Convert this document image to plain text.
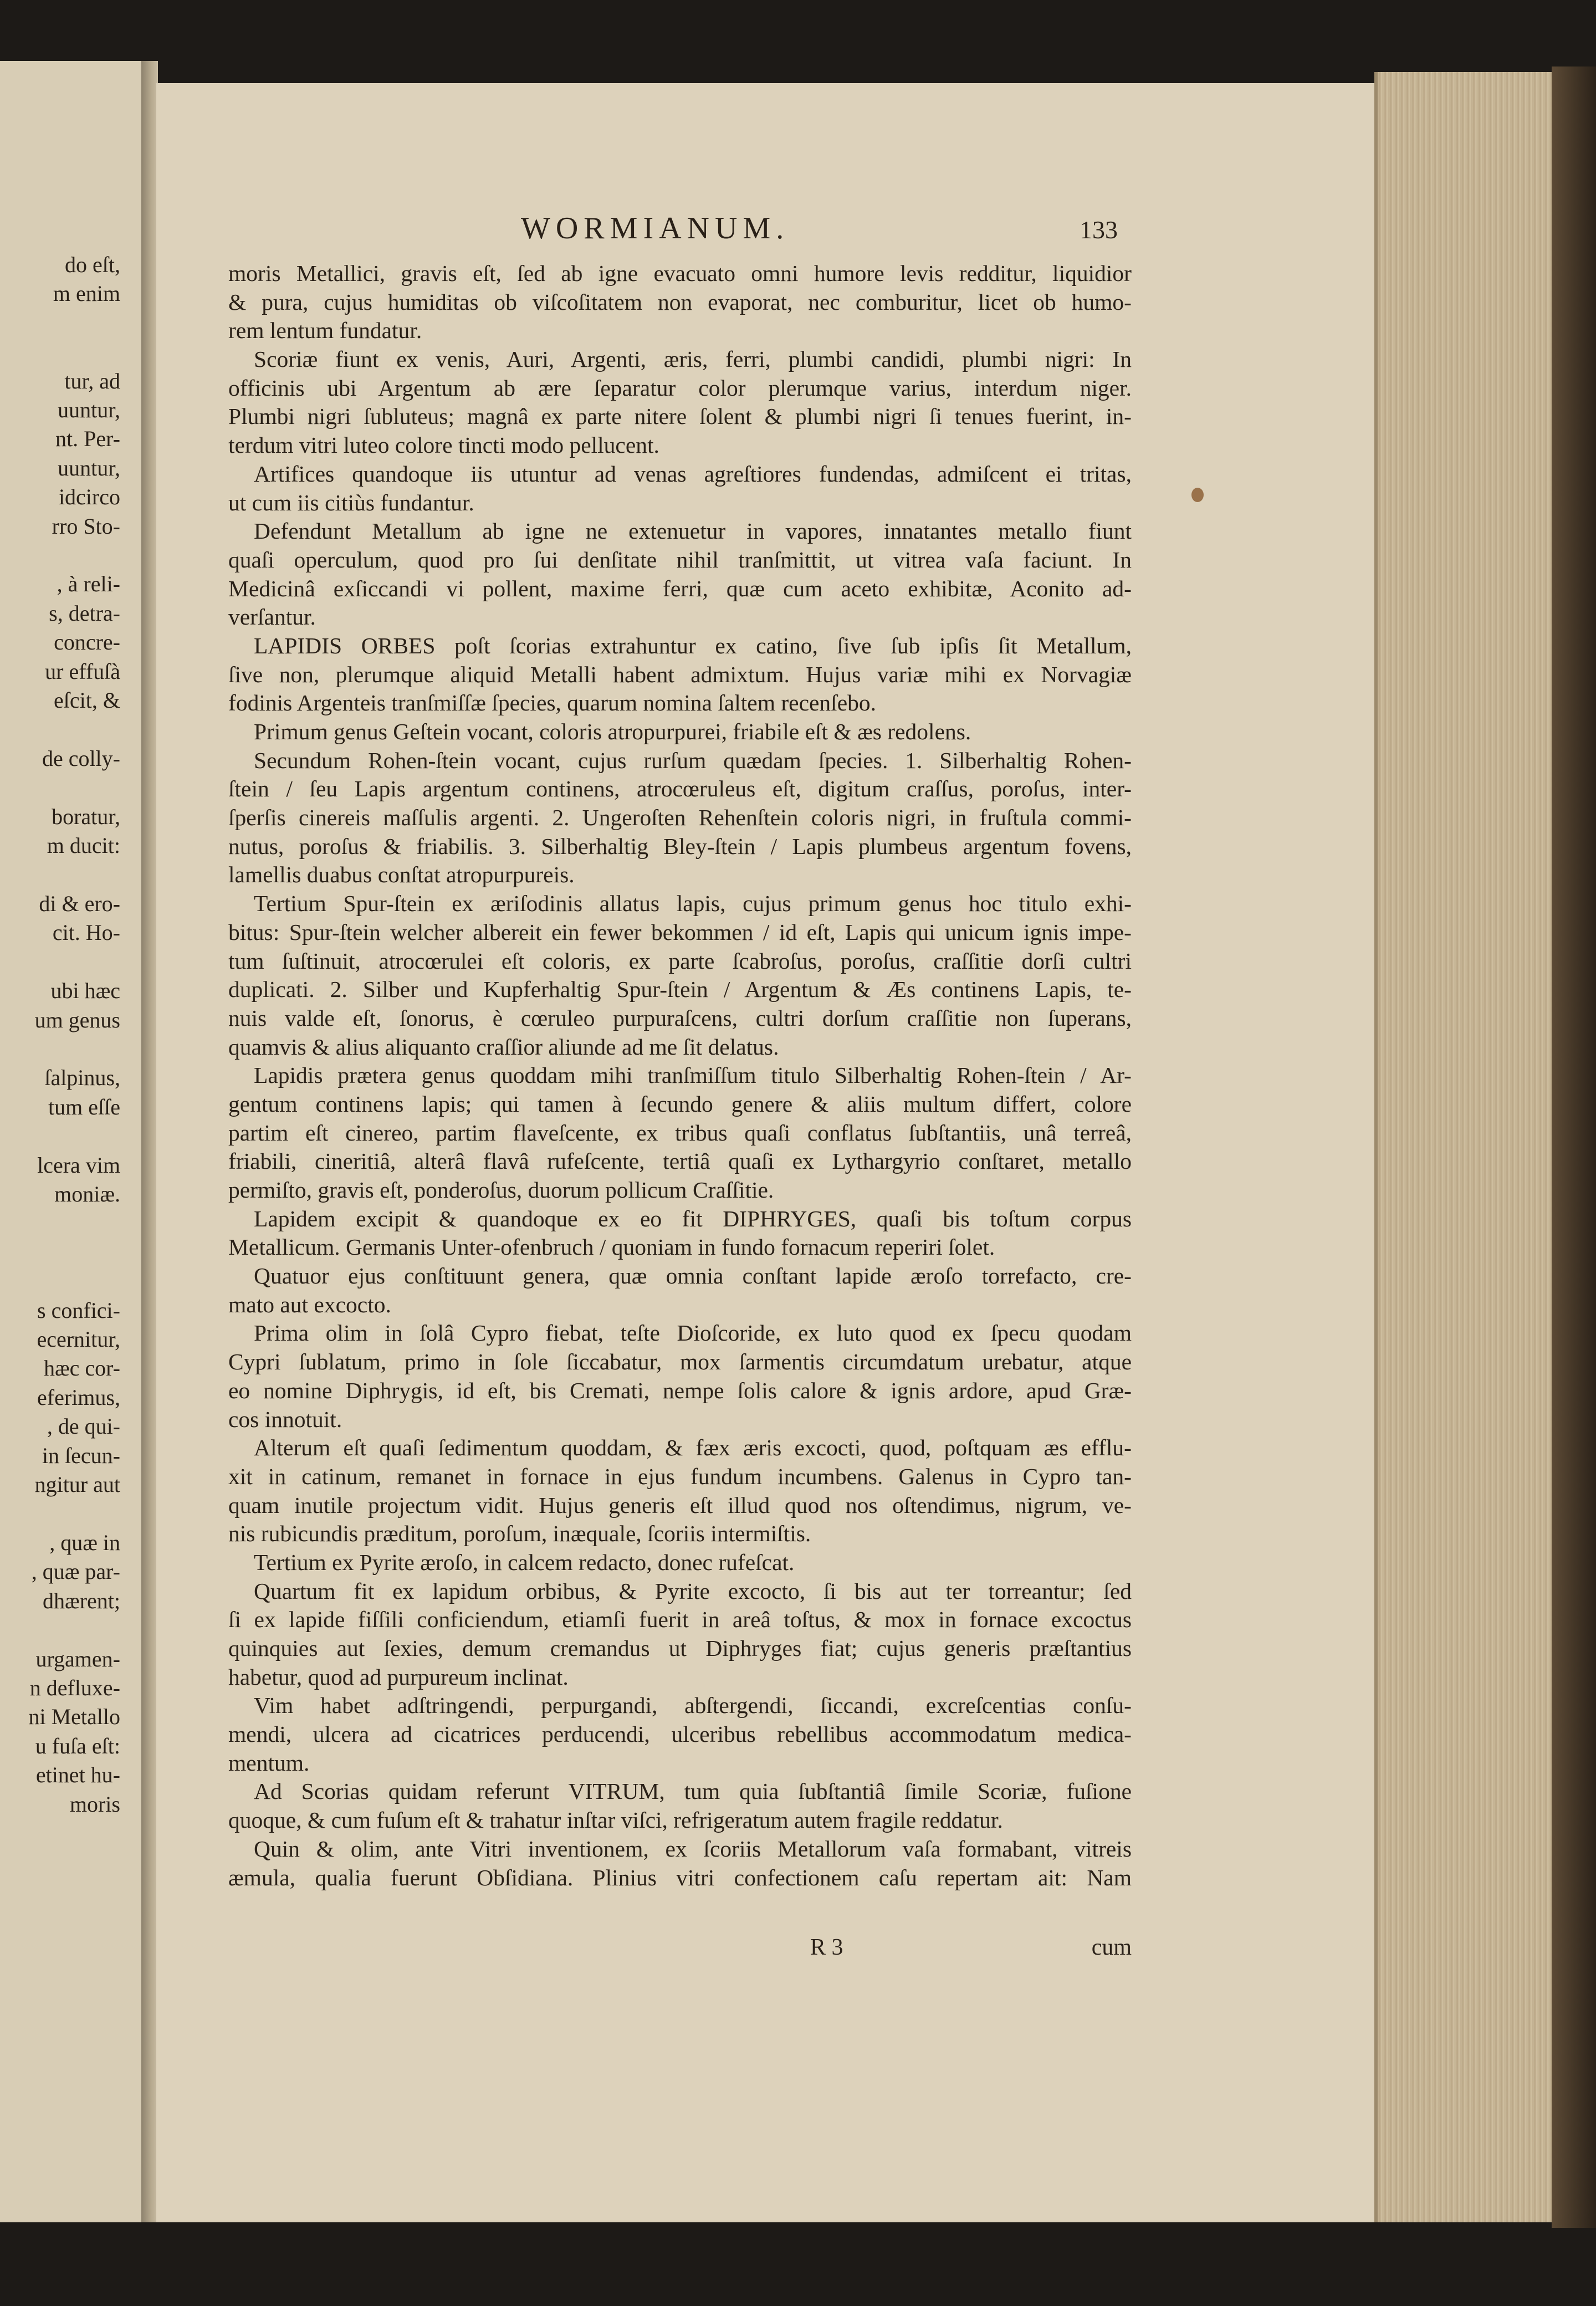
do eſt,
m enim

tur, ad
uuntur,
nt. Per-
uuntur,
idcirco
rro Sto-

, à reli-
s, detra-
concre-
ur effuſà
eſcit, &

de colly-

boratur,
m ducit:

di & ero-
cit. Ho-

ubi hæc
um genus

ſalpinus,
tum eſſe

lcera vim
moniæ.

s confici-
ecernitur,
hæc cor-
eferimus,
, de qui-
in ſecun-
ngitur aut

, quæ in
, quæ par-
dhærent;

urgamen-
n defluxe-
ni Metallo
u fuſa eſt:
etinet hu-
moris
WORMIANUM.	133
moris Metallici, gravis eſt, ſed ab igne evacuato omni humore levis redditur, liquidior
& pura, cujus humiditas ob viſcoſitatem non evaporat, nec comburitur, licet ob humo-
rem lentum fundatur.
Scoriæ fiunt ex venis, Auri, Argenti, æris, ferri, plumbi candidi, plumbi nigri: In
officinis ubi Argentum ab ære ſeparatur color plerumque varius, interdum niger.
Plumbi nigri ſubluteus; magnâ ex parte nitere ſolent & plumbi nigri ſi tenues fuerint, in-
terdum vitri luteo colore tincti modo pellucent.
Artifices quandoque iis utuntur ad venas agreſtiores fundendas, admiſcent ei tritas,
ut cum iis citiùs fundantur.
Defendunt Metallum ab igne ne extenuetur in vapores, innatantes metallo fiunt
quaſi operculum, quod pro ſui denſitate nihil tranſmittit, ut vitrea vaſa faciunt. In
Medicinâ exſiccandi vi pollent, maxime ferri, quæ cum aceto exhibitæ, Aconito ad-
verſantur.
LAPIDIS ORBES poſt ſcorias extrahuntur ex catino, ſive ſub ipſis ſit Metallum,
ſive non, plerumque aliquid Metalli habent admixtum. Hujus variæ mihi ex Norvagiæ
fodinis Argenteis tranſmiſſæ ſpecies, quarum nomina ſaltem recenſebo.
Primum genus Geſtein vocant, coloris atropurpurei, friabile eſt & æs redolens.
Secundum Rohen-ſtein vocant, cujus rurſum quædam ſpecies. 1. Silberhaltig Rohen-
ſtein / ſeu Lapis argentum continens, atrocœruleus eſt, digitum craſſus, poroſus, inter-
ſperſis cinereis maſſulis argenti. 2. Ungeroſten Rehenſtein coloris nigri, in fruſtula commi-
nutus, poroſus & friabilis. 3. Silberhaltig Bley-ſtein / Lapis plumbeus argentum fovens,
lamellis duabus conſtat atropurpureis.
Tertium Spur-ſtein ex æriſodinis allatus lapis, cujus primum genus hoc titulo exhi-
bitus: Spur-ſtein welcher albereit ein fewer bekommen / id eſt, Lapis qui unicum ignis impe-
tum ſuſtinuit, atrocœrulei eſt coloris, ex parte ſcabroſus, poroſus, craſſitie dorſi cultri
duplicati. 2. Silber und Kupferhaltig Spur-ſtein / Argentum & Æs continens Lapis, te-
nuis valde eſt, ſonorus, è cœruleo purpuraſcens, cultri dorſum craſſitie non ſuperans,
quamvis & alius aliquanto craſſior aliunde ad me ſit delatus.
Lapidis prætera genus quoddam mihi tranſmiſſum titulo Silberhaltig Rohen-ſtein / Ar-
gentum continens lapis; qui tamen à ſecundo genere & aliis multum differt, colore
partim eſt cinereo, partim flaveſcente, ex tribus quaſi conflatus ſubſtantiis, unâ terreâ,
friabili, cineritiâ, alterâ flavâ rufeſcente, tertiâ quaſi ex Lythargyrio conſtaret, metallo
permiſto, gravis eſt, ponderoſus, duorum pollicum Craſſitie.
Lapidem excipit & quandoque ex eo fit DIPHRYGES, quaſi bis toſtum corpus
Metallicum. Germanis Unter-ofenbruch / quoniam in fundo fornacum reperiri ſolet.
Quatuor ejus conſtituunt genera, quæ omnia conſtant lapide æroſo torrefacto, cre-
mato aut excocto.
Prima olim in ſolâ Cypro fiebat, teſte Dioſcoride, ex luto quod ex ſpecu quodam
Cypri ſublatum, primo in ſole ſiccabatur, mox ſarmentis circumdatum urebatur, atque
eo nomine Diphrygis, id eſt, bis Cremati, nempe ſolis calore & ignis ardore, apud Græ-
cos innotuit.
Alterum eſt quaſi ſedimentum quoddam, & fæx æris excocti, quod, poſtquam æs efflu-
xit in catinum, remanet in fornace in ejus fundum incumbens. Galenus in Cypro tan-
quam inutile projectum vidit. Hujus generis eſt illud quod nos oſtendimus, nigrum, ve-
nis rubicundis præditum, poroſum, inæquale, ſcoriis intermiſtis.
Tertium ex Pyrite æroſo, in calcem redacto, donec rufeſcat.
Quartum fit ex lapidum orbibus, & Pyrite excocto, ſi bis aut ter torreantur; ſed
ſi ex lapide fiſſili conficiendum, etiamſi fuerit in areâ toſtus, & mox in fornace excoctus
quinquies aut ſexies, demum cremandus ut Diphryges fiat; cujus generis præſtantius
habetur, quod ad purpureum inclinat.
Vim habet adſtringendi, perpurgandi, abſtergendi, ſiccandi, excreſcentias conſu-
mendi, ulcera ad cicatrices perducendi, ulceribus rebellibus accommodatum medica-
mentum.
Ad Scorias quidam referunt VITRUM, tum quia ſubſtantiâ ſimile Scoriæ, fuſione
quoque, & cum fuſum eſt & trahatur inſtar viſci, refrigeratum autem fragile reddatur.
Quin & olim, ante Vitri inventionem, ex ſcoriis Metallorum vaſa formabant, vitreis
æmula, qualia fuerunt Obſidiana. Plinius vitri confectionem caſu repertam ait: Nam
R 3	cum
